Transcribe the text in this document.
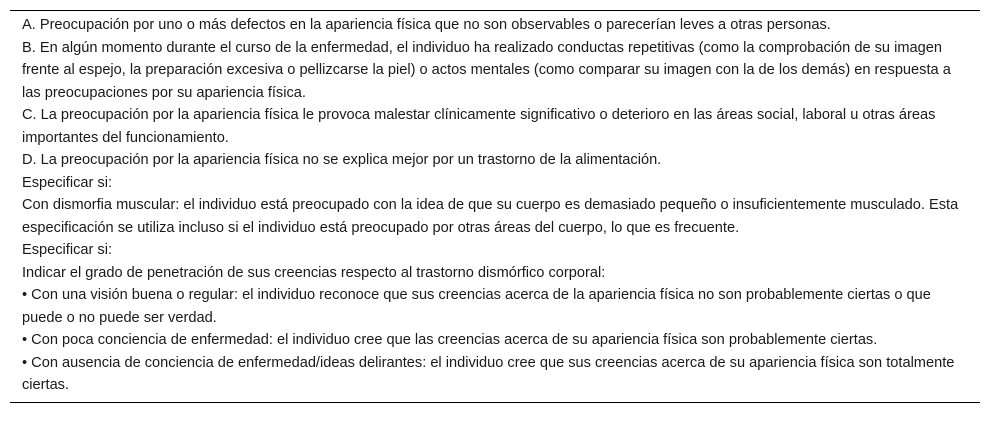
A. Preocupación por uno o más defectos en la apariencia física que no son observables o parecerían leves a otras personas.

B. En algún momento durante el curso de la enfermedad, el individuo ha realizado conductas repetitivas (como la comprobación de su imagen frente al espejo, la preparación excesiva o pellizcarse la piel) o actos mentales (como comparar su imagen con la de los demás) en respuesta a las preocupaciones por su apariencia física.

C. La preocupación por la apariencia física le provoca malestar clínicamente significativo o deterioro en las áreas social, laboral u otras áreas importantes del funcionamiento.

D. La preocupación por la apariencia física no se explica mejor por un trastorno de la alimentación.

Especificar si:

Con dismorfia muscular: el individuo está preocupado con la idea de que su cuerpo es demasiado pequeño o insuficientemente musculado. Esta especificación se utiliza incluso si el individuo está preocupado por otras áreas del cuerpo, lo que es frecuente.

Especificar si:

Indicar el grado de penetración de sus creencias respecto al trastorno dismórfico corporal:

• Con una visión buena o regular: el individuo reconoce que sus creencias acerca de la apariencia física no son probablemente ciertas o que puede o no puede ser verdad.

• Con poca conciencia de enfermedad: el individuo cree que las creencias acerca de su apariencia física son probablemente ciertas.

• Con ausencia de conciencia de enfermedad/ideas delirantes: el individuo cree que sus creencias acerca de su apariencia física son totalmente ciertas.
